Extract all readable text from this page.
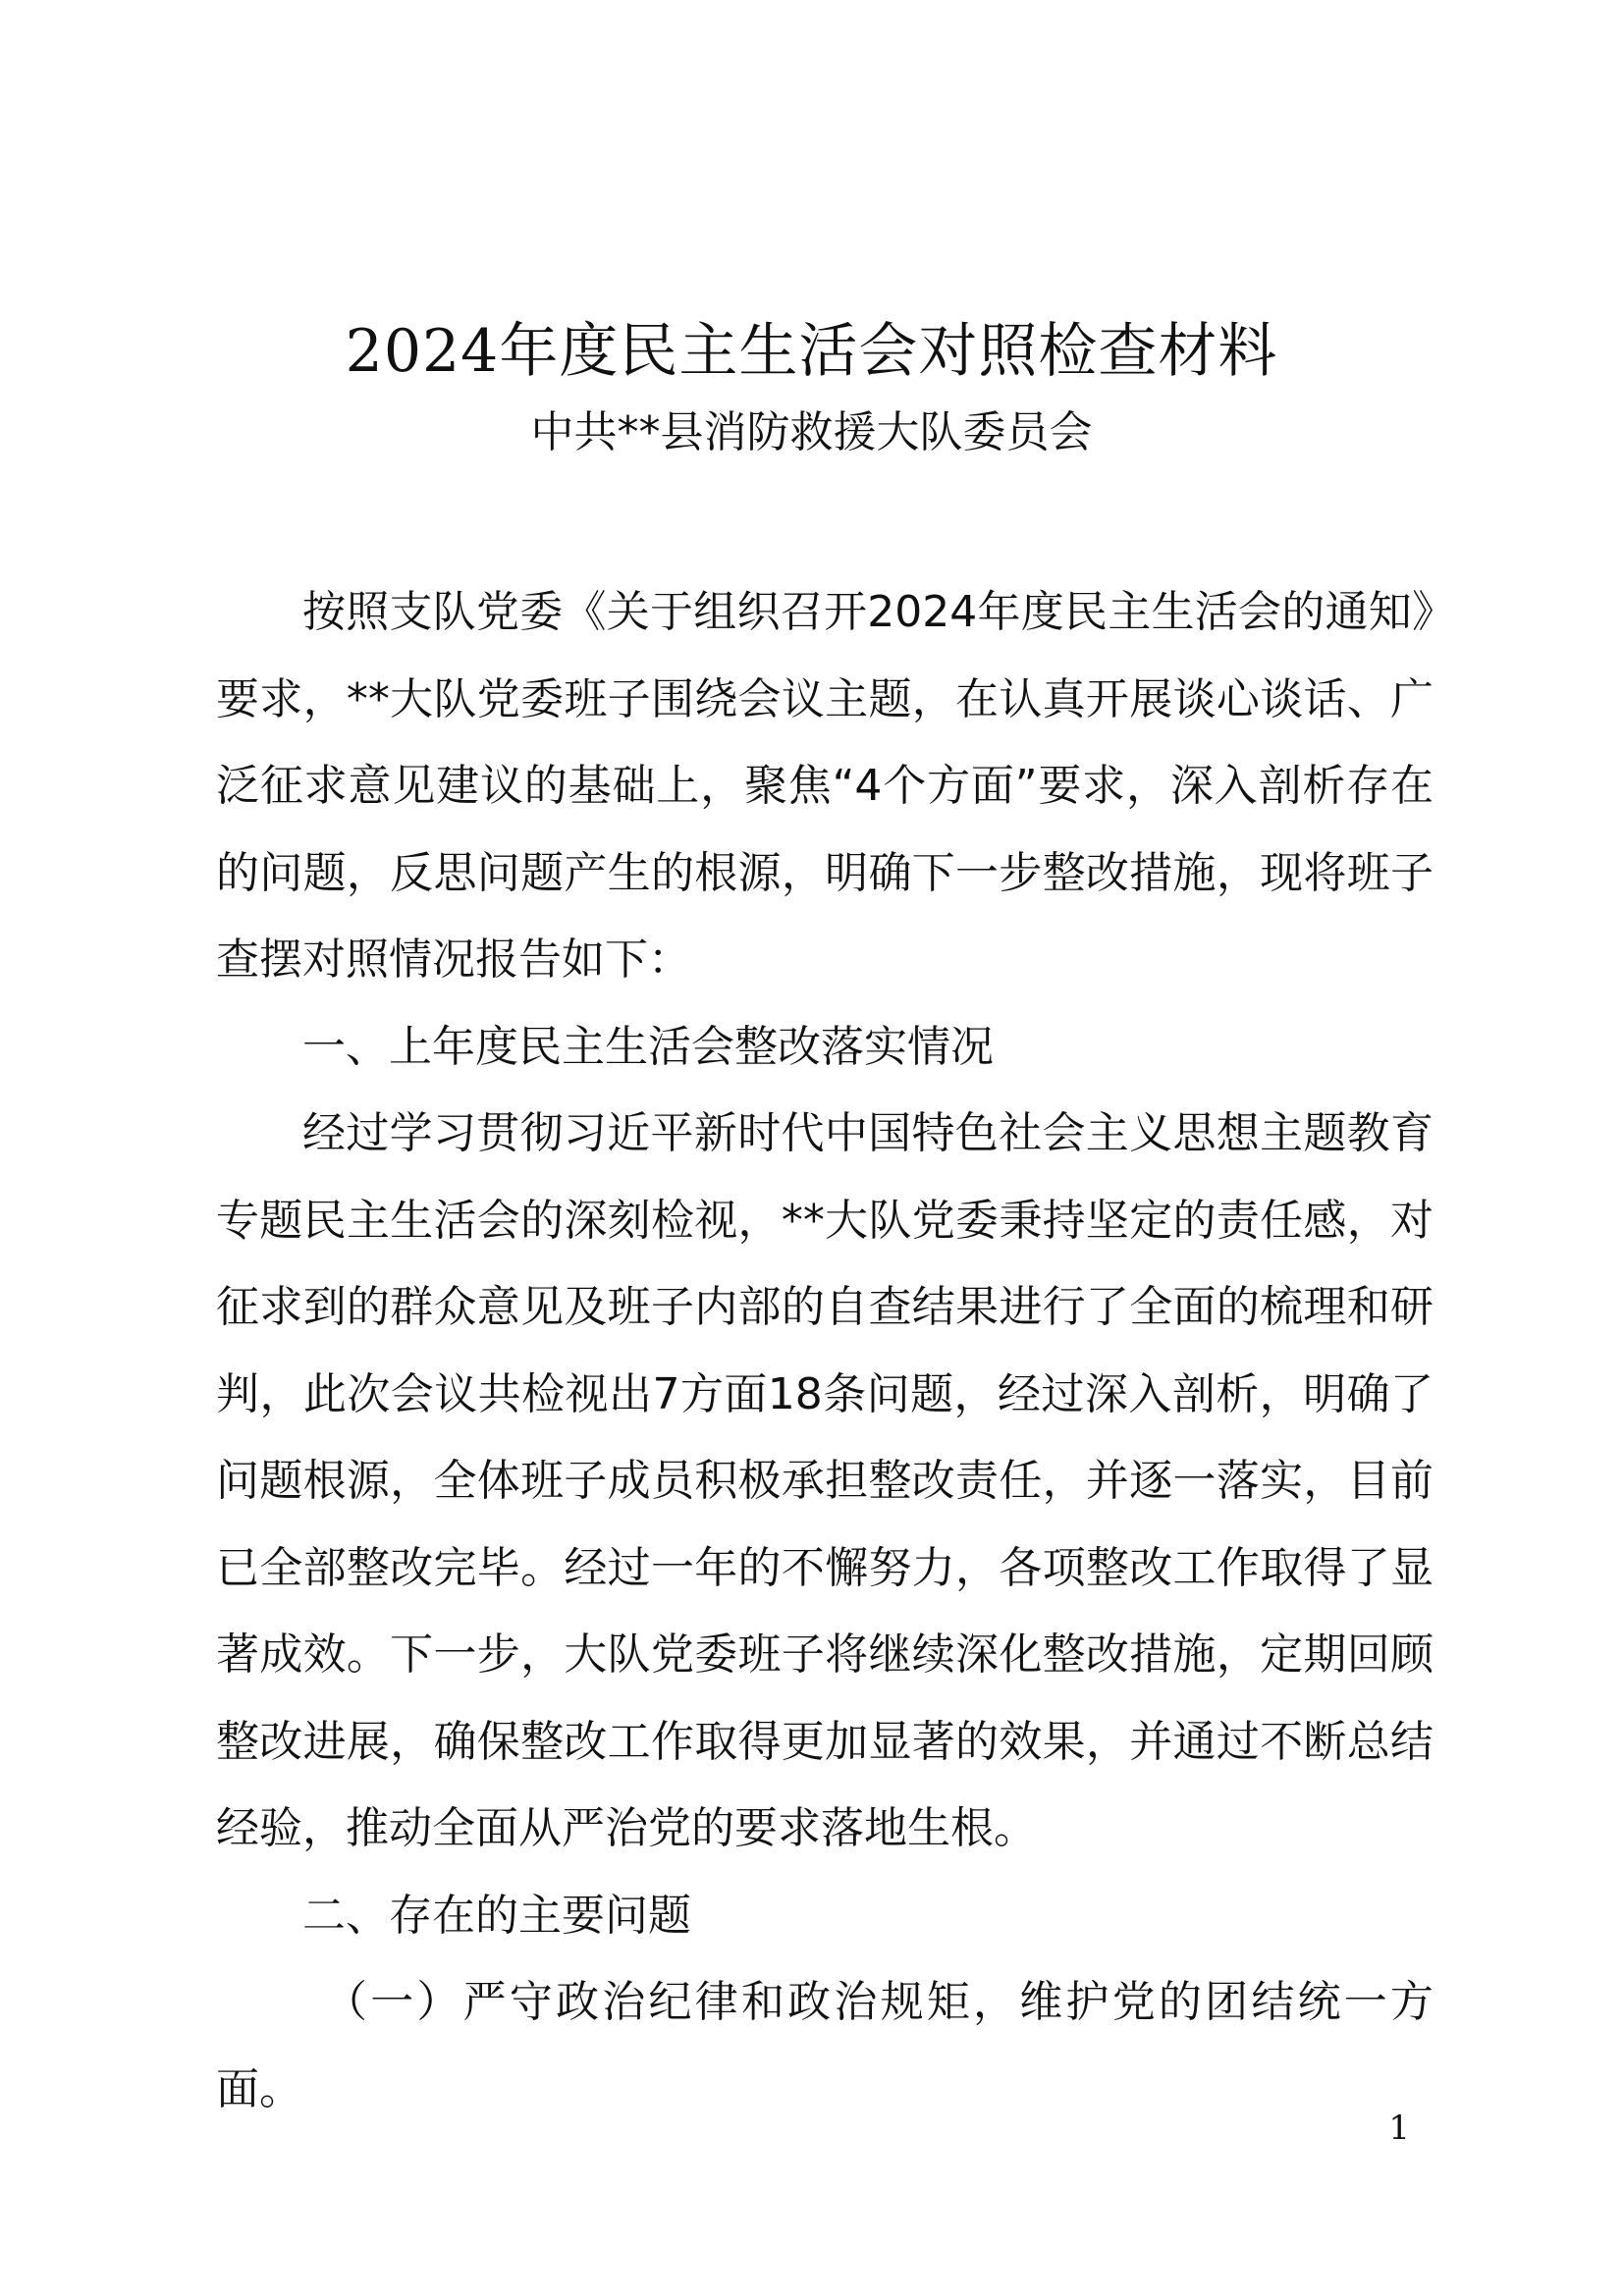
2024年度民主生活会对照检查材料
中共**县消防救援大队委员会

按照支队党委《关于组织召开2024年度民主生活会的通知》要求，**大队党委班子围绕会议主题，在认真开展谈心谈话、广泛征求意见建议的基础上，聚焦“4个方面”要求，深入剖析存在的问题，反思问题产生的根源，明确下一步整改措施，现将班子查摆对照情况报告如下：

一、上年度民主生活会整改落实情况

经过学习贯彻习近平新时代中国特色社会主义思想主题教育专题民主生活会的深刻检视，**大队党委秉持坚定的责任感，对征求到的群众意见及班子内部的自查结果进行了全面的梳理和研判，此次会议共检视出7方面18条问题，经过深入剖析，明确了问题根源，全体班子成员积极承担整改责任，并逐一落实，目前已全部整改完毕。经过一年的不懈努力，各项整改工作取得了显著成效。下一步，大队党委班子将继续深化整改措施，定期回顾整改进展，确保整改工作取得更加显著的效果，并通过不断总结经验，推动全面从严治党的要求落地生根。

二、存在的主要问题

（一）严守政治纪律和政治规矩，维护党的团结统一方面。

1
